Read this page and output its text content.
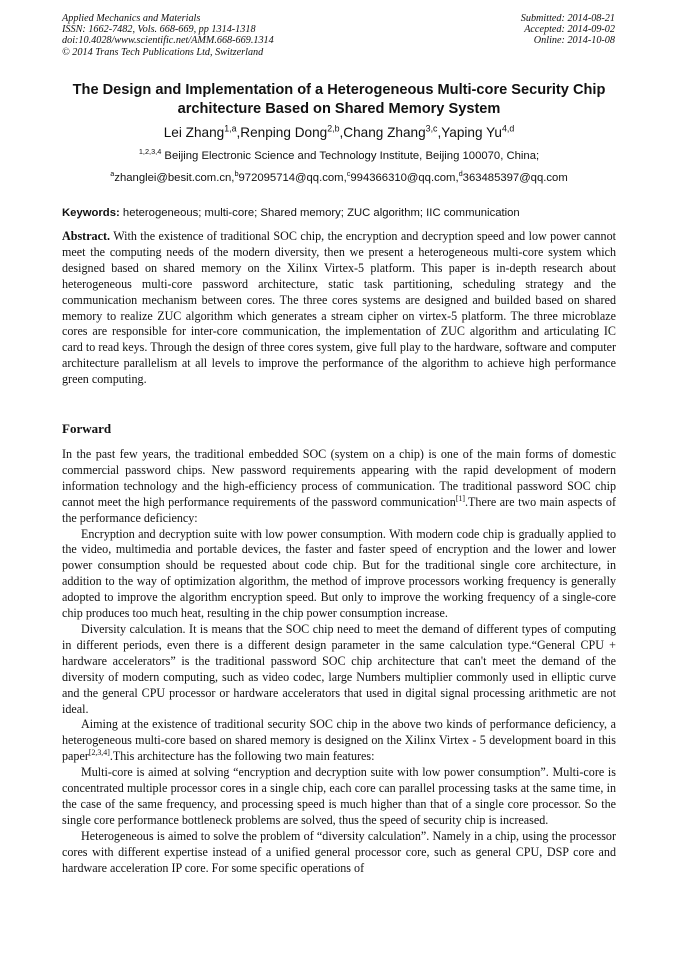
Applied Mechanics and Materials
ISSN: 1662-7482, Vols. 668-669, pp 1314-1318
doi:10.4028/www.scientific.net/AMM.668-669.1314
© 2014 Trans Tech Publications Ltd, Switzerland
Submitted: 2014-08-21
Accepted: 2014-09-02
Online: 2014-10-08
The Design and Implementation of a Heterogeneous Multi-core Security Chip architecture Based on Shared Memory System
Lei Zhang$^{1,a}$,Renping Dong$^{2,b}$,Chang Zhang$^{3,c}$,Yaping Yu$^{4,d}$
$^{1,2,3,4}$ Beijing Electronic Science and Technology Institute, Beijing 100070, China;
$^a$zhanglei@besit.com.cn,$^b$972095714@qq.com,$^c$994366310@qq.com,$^d$363485397@qq.com
Keywords: heterogeneous; multi-core; Shared memory; ZUC algorithm; IIC communication

Abstract. With the existence of traditional SOC chip, the encryption and decryption speed and low power cannot meet the computing needs of the modern diversity, then we present a heterogeneous multi-core system which designed based on shared memory on the Xilinx Virtex-5 platform. This paper is in-depth research about heterogeneous multi-core password architecture, static task partitioning, scheduling strategy and the communication mechanism between cores. The three cores systems are designed and builded based on shared memory to realize ZUC algorithm which generates a stream cipher on virtex-5 platform. The three microblaze cores are responsible for inter-core communication, the implementation of ZUC algorithm and articulating IC card to read keys. Through the design of three cores system, give full play to the hardware, software and computer architecture parallelism at all levels to improve the performance of the algorithm to achieve high performance green computing.

Forward

In the past few years, the traditional embedded SOC (system on a chip) is one of the main forms of domestic commercial password chips. New password requirements appearing with the rapid development of modern information technology and the high-efficiency process of communication. The traditional password SOC chip cannot meet the high performance requirements of the password communication[1].There are two main aspects of the performance deficiency:

Encryption and decryption suite with low power consumption. With modern code chip is gradually applied to the video, multimedia and portable devices, the faster and faster speed of encryption and the lower and lower power consumption should be requested about code chip. But for the traditional single core architecture, in addition to the way of optimization algorithm, the method of improve processors working frequency is generally adopted to improve the algorithm encryption speed. But only to improve the working frequency of a single-core chip produces too much heat, resulting in the chip power consumption increase.

Diversity calculation. It is means that the SOC chip need to meet the demand of different types of computing in different periods, even there is a different design parameter in the same calculation type.“General CPU + hardware accelerators” is the traditional password SOC chip architecture that can't meet the demand of the diversity of modern computing, such as video codec, large Numbers multiplier commonly used in elliptic curve and the general CPU processor or hardware accelerators that used in digital signal processing arithmetic are not ideal.

Aiming at the existence of traditional security SOC chip in the above two kinds of performance deficiency, a heterogeneous multi-core based on shared memory is designed on the Xilinx Virtex - 5 development board in this paper[2,3,4].This architecture has the following two main features:

Multi-core is aimed at solving “encryption and decryption suite with low power consumption”. Multi-core is concentrated multiple processor cores in a single chip, each core can parallel processing tasks at the same time, in the case of the same frequency, and processing speed is much higher than that of a single core processor. So the single core performance bottleneck problems are solved, thus the speed of security chip is increased.

Heterogeneous is aimed to solve the problem of “diversity calculation”. Namely in a chip, using the processor cores with different expertise instead of a unified general processor core, such as general CPU, DSP core and hardware acceleration IP core. For some specific operations of
